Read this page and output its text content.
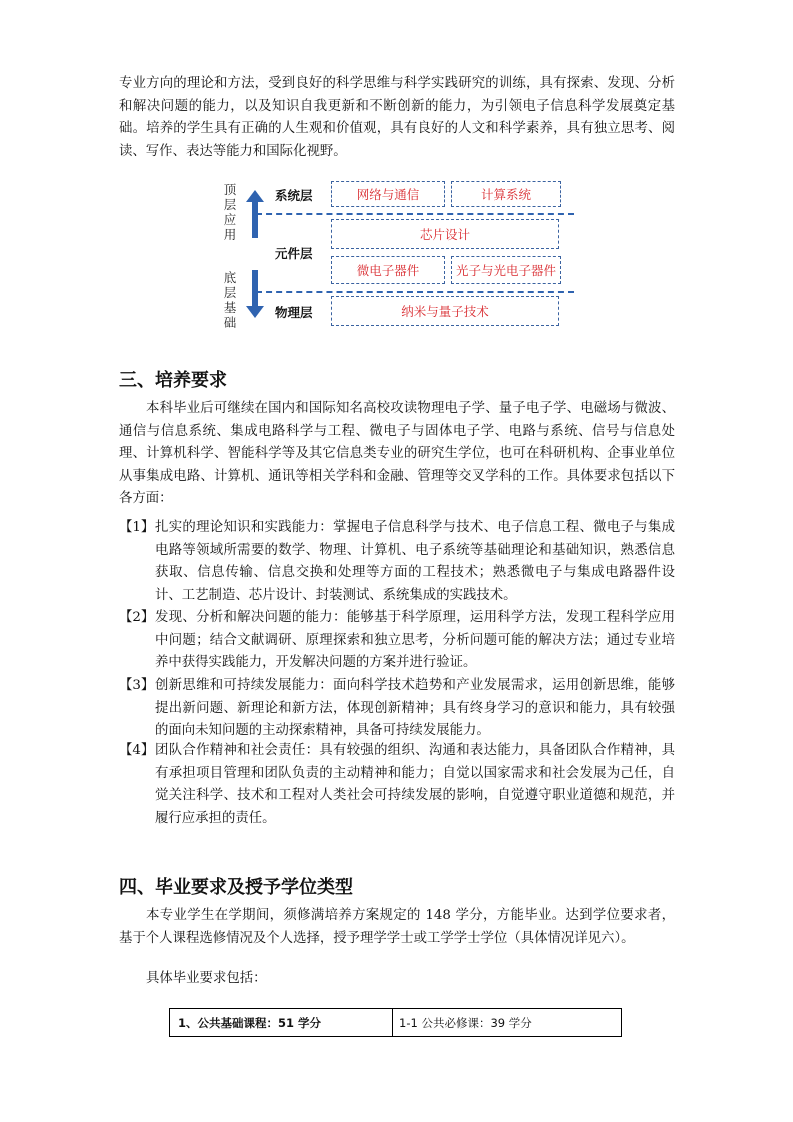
专业方向的理论和方法，受到良好的科学思维与科学实践研究的训练，具有探索、发现、分析和解决问题的能力，以及知识自我更新和不断创新的能力，为引领电子信息科学发展奠定基础。培养的学生具有正确的人生观和价值观，具有良好的人文和科学素养，具有独立思考、阅读、写作、表达等能力和国际化视野。

顶层应用
底层基础
系统层
元件层
物理层
网络与通信	计算系统
芯片设计
微电子器件	光子与光电子器件
纳米与量子技术
三、培养要求

本科毕业后可继续在国内和国际知名高校攻读物理电子学、量子电子学、电磁场与微波、通信与信息系统、集成电路科学与工程、微电子与固体电子学、电路与系统、信号与信息处理、计算机科学、智能科学等及其它信息类专业的研究生学位，也可在科研机构、企事业单位从事集成电路、计算机、通讯等相关学科和金融、管理等交叉学科的工作。具体要求包括以下各方面：

【1】 扎实的理论知识和实践能力：掌握电子信息科学与技术、电子信息工程、微电子与集成电路等领域所需要的数学、物理、计算机、电子系统等基础理论和基础知识，熟悉信息获取、信息传输、信息交换和处理等方面的工程技术；熟悉微电子与集成电路器件设计、工艺制造、芯片设计、封装测试、系统集成的实践技术。
【2】 发现、分析和解决问题的能力：能够基于科学原理，运用科学方法，发现工程科学应用中问题；结合文献调研、原理探索和独立思考，分析问题可能的解决方法；通过专业培养中获得实践能力，开发解决问题的方案并进行验证。
【3】 创新思维和可持续发展能力：面向科学技术趋势和产业发展需求，运用创新思维，能够提出新问题、新理论和新方法，体现创新精神；具有终身学习的意识和能力，具有较强的面向未知问题的主动探索精神，具备可持续发展能力。
【4】 团队合作精神和社会责任：具有较强的组织、沟通和表达能力，具备团队合作精神，具有承担项目管理和团队负责的主动精神和能力；自觉以国家需求和社会发展为己任，自觉关注科学、技术和工程对人类社会可持续发展的影响，自觉遵守职业道德和规范，并履行应承担的责任。
四、毕业要求及授予学位类型

本专业学生在学期间，须修满培养方案规定的 148 学分，方能毕业。达到学位要求者，基于个人课程选修情况及个人选择，授予理学学士或工学学士学位（具体情况详见六）。

具体毕业要求包括：

1、公共基础课程：51 学分	1-1 公共必修课：39 学分
